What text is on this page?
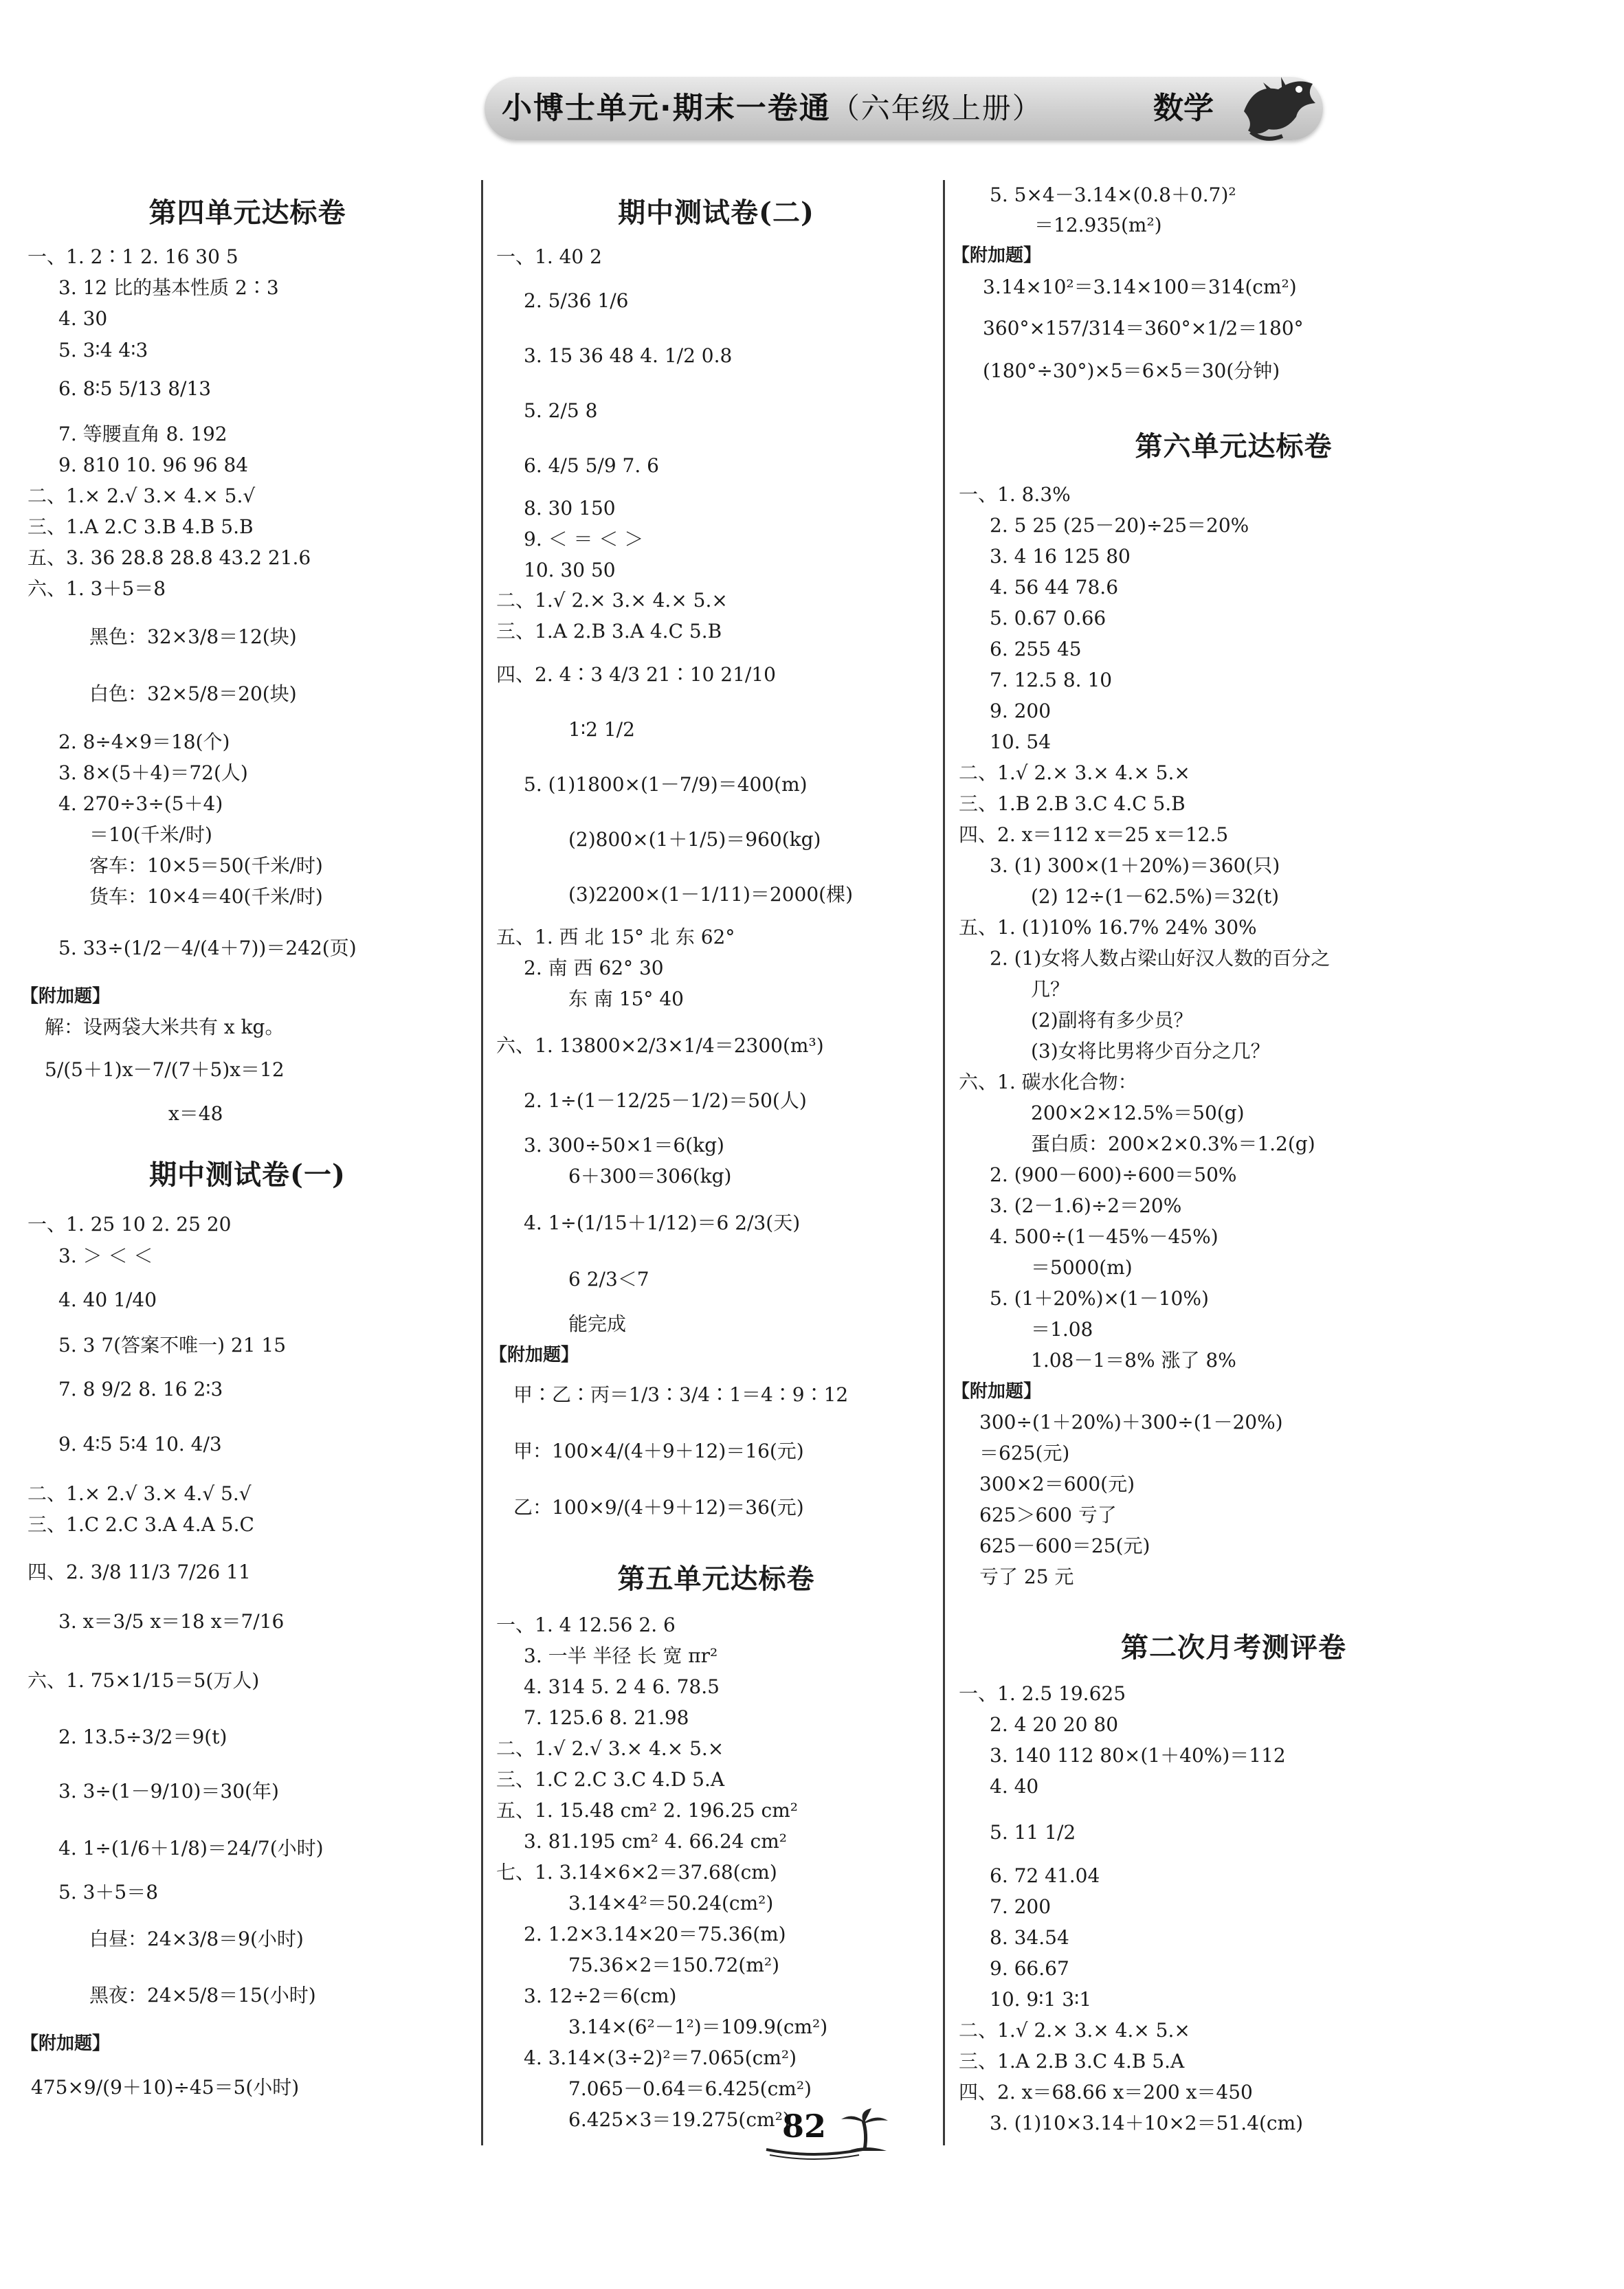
小博士单元·期末一卷通（六年级上册）	数学
第四单元达标卷
一、1. 2∶1 2. 16 30 5
3. 12 比的基本性质 2∶3
4. 30
5. 3∶4 4∶3
6. 8∶5 5/13 8/13
7. 等腰直角 8. 192
9. 810 10. 96 96 84
二、1.× 2.√ 3.× 4.× 5.√
三、1.A 2.C 3.B 4.B 5.B
五、3. 36 28.8 28.8 43.2 21.6
六、1. 3＋5＝8
黑色：32×3/8＝12(块)
白色：32×5/8＝20(块)
2. 8÷4×9＝18(个)
3. 8×(5＋4)＝72(人)
4. 270÷3÷(5＋4)
＝10(千米/时)
客车：10×5＝50(千米/时)
货车：10×4＝40(千米/时)
5. 33÷(1/2－4/(4＋7))＝242(页)
【附加题】
解：设两袋大米共有 x kg。
5/(5＋1)x－7/(7＋5)x＝12
x＝48
期中测试卷(一)
一、1. 25 10 2. 25 20
3. ＞ ＜ ＜
4. 40 1/40
5. 3 7(答案不唯一) 21 15
7. 8 9/2 8. 16 2∶3
9. 4∶5 5∶4 10. 4/3
二、1.× 2.√ 3.× 4.√ 5.√
三、1.C 2.C 3.A 4.A 5.C
四、2. 3/8 11/3 7/26 11
3. x＝3/5 x＝18 x＝7/16
六、1. 75×1/15＝5(万人)
2. 13.5÷3/2＝9(t)
3. 3÷(1－9/10)＝30(年)
4. 1÷(1/6＋1/8)＝24/7(小时)
5. 3＋5＝8
白昼：24×3/8＝9(小时)
黑夜：24×5/8＝15(小时)
【附加题】
475×9/(9＋10)÷45＝5(小时)
期中测试卷(二)
一、1. 40 2
2. 5/36 1/6
3. 15 36 48 4. 1/2 0.8
5. 2/5 8
6. 4/5 5/9 7. 6
8. 30 150
9. ＜ ＝ ＜ ＞
10. 30 50
二、1.√ 2.× 3.× 4.× 5.×
三、1.A 2.B 3.A 4.C 5.B
四、2. 4∶3 4/3 21∶10 21/10
1∶2 1/2
5. (1)1800×(1－7/9)＝400(m)
(2)800×(1＋1/5)＝960(kg)
(3)2200×(1－1/11)＝2000(棵)
五、1. 西 北 15° 北 东 62°
2. 南 西 62° 30
东 南 15° 40
六、1. 13800×2/3×1/4＝2300(m³)
2. 1÷(1－12/25－1/2)＝50(人)
3. 300÷50×1＝6(kg)
6＋300＝306(kg)
4. 1÷(1/15＋1/12)＝6 2/3(天)
6 2/3＜7
能完成
【附加题】
甲∶乙∶丙＝1/3∶3/4∶1＝4∶9∶12
甲：100×4/(4＋9＋12)＝16(元)
乙：100×9/(4＋9＋12)＝36(元)
第五单元达标卷
一、1. 4 12.56 2. 6
3. 一半 半径 长 宽 πr²
4. 314 5. 2 4 6. 78.5
7. 125.6 8. 21.98
二、1.√ 2.√ 3.× 4.× 5.×
三、1.C 2.C 3.C 4.D 5.A
五、1. 15.48 cm² 2. 196.25 cm²
3. 81.195 cm² 4. 66.24 cm²
七、1. 3.14×6×2＝37.68(cm)
3.14×4²＝50.24(cm²)
2. 1.2×3.14×20＝75.36(m)
75.36×2＝150.72(m²)
3. 12÷2＝6(cm)
3.14×(6²－1²)＝109.9(cm²)
4. 3.14×(3÷2)²＝7.065(cm²)
7.065－0.64＝6.425(cm²)
6.425×3＝19.275(cm²)
5. 5×4－3.14×(0.8＋0.7)²
＝12.935(m²)
【附加题】
3.14×10²＝3.14×100＝314(cm²)
360°×157/314＝360°×1/2＝180°
(180°÷30°)×5＝6×5＝30(分钟)
第六单元达标卷
一、1. 8.3%
2. 5 25 (25－20)÷25＝20%
3. 4 16 125 80
4. 56 44 78.6
5. 0.67 0.66
6. 255 45
7. 12.5 8. 10
9. 200
10. 54
二、1.√ 2.× 3.× 4.× 5.×
三、1.B 2.B 3.C 4.C 5.B
四、2. x＝112 x＝25 x＝12.5
3. (1) 300×(1＋20%)＝360(只)
(2) 12÷(1－62.5%)＝32(t)
五、1. (1)10% 16.7% 24% 30%
2. (1)女将人数占梁山好汉人数的百分之
几？
(2)副将有多少员？
(3)女将比男将少百分之几？
六、1. 碳水化合物：
200×2×12.5%＝50(g)
蛋白质：200×2×0.3%＝1.2(g)
2. (900－600)÷600＝50%
3. (2－1.6)÷2＝20%
4. 500÷(1－45%－45%)
＝5000(m)
5. (1＋20%)×(1－10%)
＝1.08
1.08－1＝8% 涨了 8%
【附加题】
300÷(1＋20%)＋300÷(1－20%)
＝625(元)
300×2＝600(元)
625＞600 亏了
625－600＝25(元)
亏了 25 元
第二次月考测评卷
一、1. 2.5 19.625
2. 4 20 20 80
3. 140 112 80×(1＋40%)＝112
4. 40
5. 11 1/2
6. 72 41.04
7. 200
8. 34.54
9. 66.67
10. 9∶1 3∶1
二、1.√ 2.× 3.× 4.× 5.×
三、1.A 2.B 3.C 4.B 5.A
四、2. x＝68.66 x＝200 x＝450
3. (1)10×3.14＋10×2＝51.4(cm)
82
